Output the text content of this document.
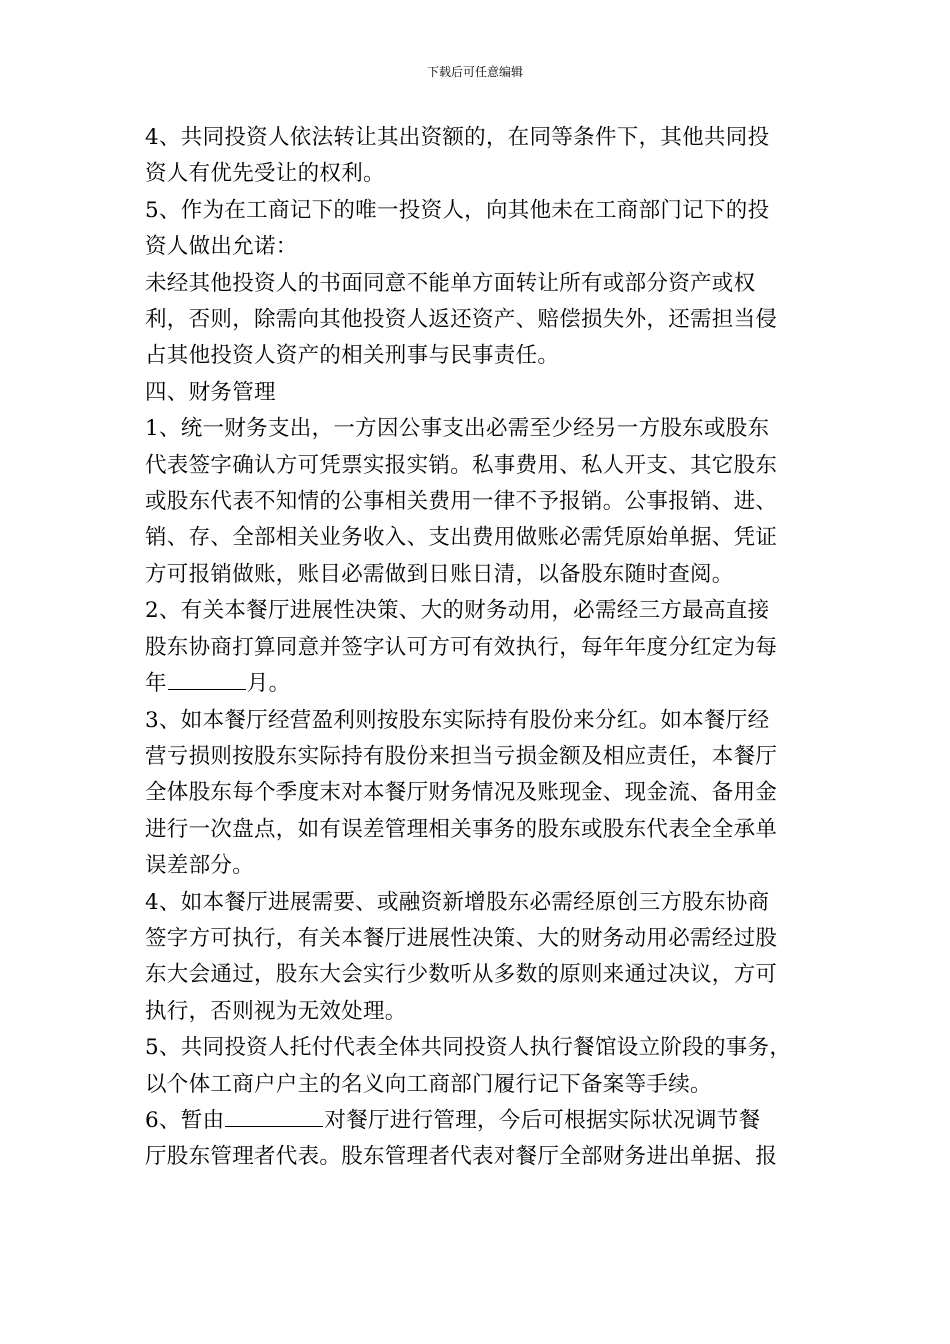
下载后可任意编辑

4、共同投资人依法转让其出资额的，在同等条件下，其他共同投

资人有优先受让的权利。

5、作为在工商记下的唯一投资人，向其他未在工商部门记下的投

资人做出允诺：

未经其他投资人的书面同意不能单方面转让所有或部分资产或权

利，否则，除需向其他投资人返还资产、赔偿损失外，还需担当侵

占其他投资人资产的相关刑事与民事责任。

四、财务管理

1、统一财务支出，一方因公事支出必需至少经另一方股东或股东

代表签字确认方可凭票实报实销。私事费用、私人开支、其它股东

或股东代表不知情的公事相关费用一律不予报销。公事报销、进、

销、存、全部相关业务收入、支出费用做账必需凭原始单据、凭证

方可报销做账，账目必需做到日账日清，以备股东随时查阅。

2、有关本餐厅进展性决策、大的财务动用，必需经三方最高直接

股东协商打算同意并签字认可方可有效执行，每年年度分红定为每

年	月。

3、如本餐厅经营盈利则按股东实际持有股份来分红。如本餐厅经

营亏损则按股东实际持有股份来担当亏损金额及相应责任，本餐厅

全体股东每个季度末对本餐厅财务情况及账现金、现金流、备用金

进行一次盘点，如有误差管理相关事务的股东或股东代表全全承单

误差部分。

4、如本餐厅进展需要、或融资新增股东必需经原创三方股东协商

签字方可执行，有关本餐厅进展性决策、大的财务动用必需经过股

东大会通过，股东大会实行少数听从多数的原则来通过决议，方可

执行，否则视为无效处理。

5、共同投资人托付代表全体共同投资人执行餐馆设立阶段的事务，

以个体工商户户主的名义向工商部门履行记下备案等手续。

6、暂由	对餐厅进行管理，今后可根据实际状况调节餐

厅股东管理者代表。股东管理者代表对餐厅全部财务进出单据、报
